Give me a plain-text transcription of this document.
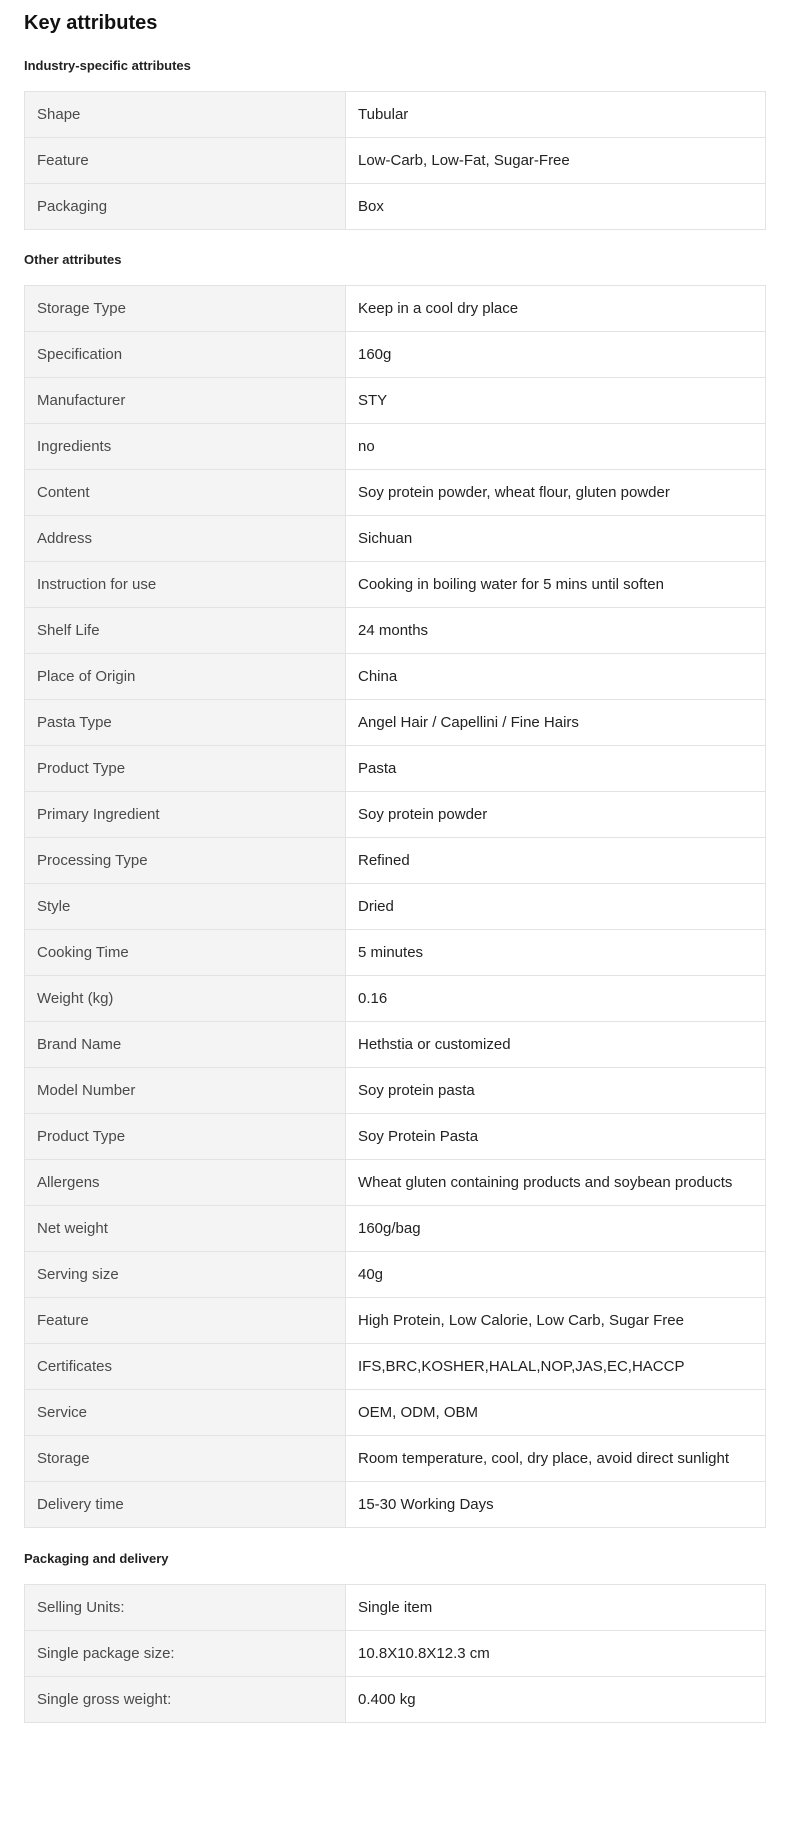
Key attributes
Industry-specific attributes
Shape	Tubular
Feature	Low-Carb, Low-Fat, Sugar-Free
Packaging	Box
Other attributes
Storage Type	Keep in a cool dry place
Specification	160g
Manufacturer	STY
Ingredients	no
Content	Soy protein powder, wheat flour, gluten powder
Address	Sichuan
Instruction for use	Cooking in boiling water for 5 mins until soften
Shelf Life	24 months
Place of Origin	China
Pasta Type	Angel Hair / Capellini / Fine Hairs
Product Type	Pasta
Primary Ingredient	Soy protein powder
Processing Type	Refined
Style	Dried
Cooking Time	5 minutes
Weight (kg)	0.16
Brand Name	Hethstia or customized
Model Number	Soy protein pasta
Product Type	Soy Protein Pasta
Allergens	Wheat gluten containing products and soybean products
Net weight	160g/bag
Serving size	40g
Feature	High Protein, Low Calorie, Low Carb, Sugar Free
Certificates	IFS,BRC,KOSHER,HALAL,NOP,JAS,EC,HACCP
Service	OEM, ODM, OBM
Storage	Room temperature, cool, dry place, avoid direct sunlight
Delivery time	15-30 Working Days
Packaging and delivery
Selling Units:	Single item
Single package size:	10.8X10.8X12.3 cm
Single gross weight:	0.400 kg
